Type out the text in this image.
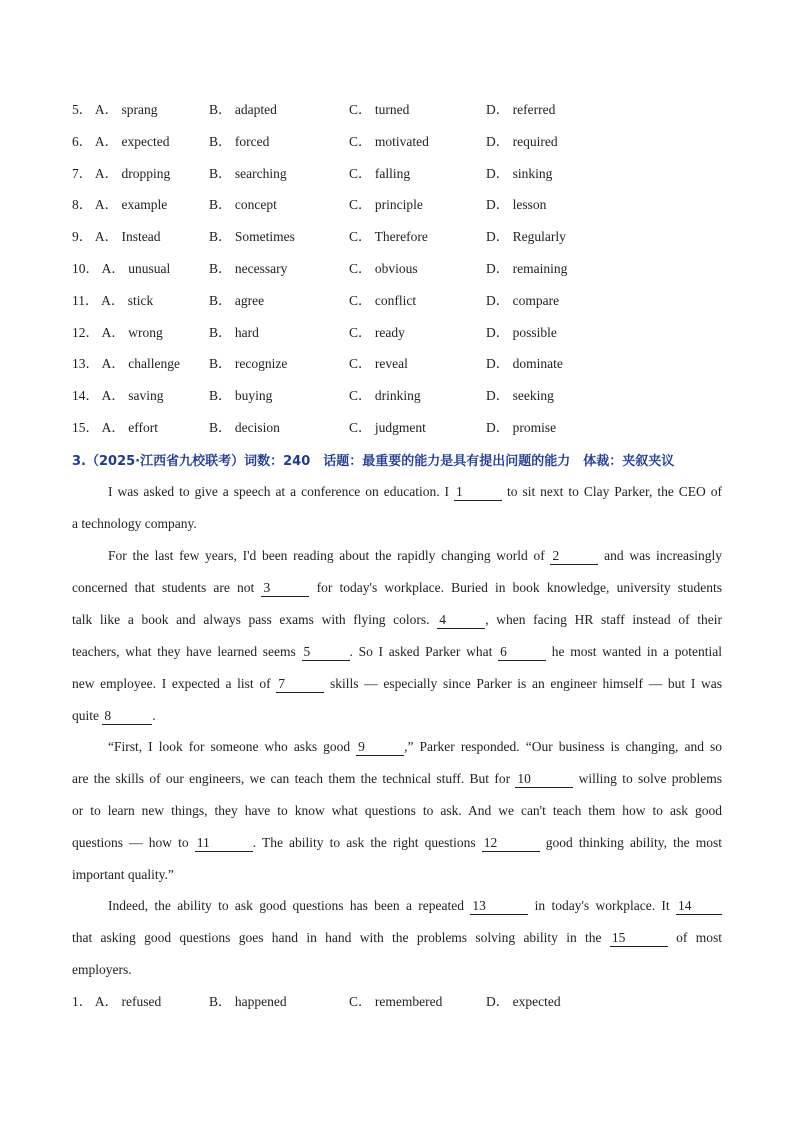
5． A． sprang	B． adapted	C． turned	D． referred
6． A． expected	B． forced	C． motivated	D． required
7． A． dropping	B． searching	C． falling	D． sinking
8． A． example	B． concept	C． principle	D． lesson
9． A． Instead	B． Sometimes	C． Therefore	D． Regularly
10． A． unusual	B． necessary	C． obvious	D． remaining
11． A． stick	B． agree	C． conflict	D． compare
12． A． wrong	B． hard	C． ready	D． possible
13． A． challenge B． recognize	C． reveal	D． dominate
14． A． saving	B． buying	C． drinking	D． seeking
15． A． effort	B． decision	C． judgment	D． promise
3.（2025·江西省九校联考）词数：240　话题：最重要的能力是具有提出问题的能力　体裁：夹叙夹议
I was asked to give a speech at a conference on education. I 1	to sit next to Clay Parker, the CEO of
a technology company.
For the last few years, I'd been reading about the rapidly changing world of 2	and was increasingly
concerned that students are not 3	for today's workplace. Buried in book knowledge, university students
talk like a book and always pass exams with flying colors. 4	, when facing HR staff instead of their
teachers, what they have learned seems 5	. So I asked Parker what 6	he most wanted in a potential
new employee. I expected a list of 7	skills — especially since Parker is an engineer himself — but I was
quite 8	.
“First, I look for someone who asks good 9	,” Parker responded. “Our business is changing, and so
are the skills of our engineers, we can teach them the technical stuff. But for 10	willing to solve problems
or to learn new things, they have to know what questions to ask. And we can't teach them how to ask good
questions — how to 11	. The ability to ask the right questions 12	good thinking ability, the most
important quality.”
Indeed, the ability to ask good questions has been a repeated 13	in today's workplace. It 14
that asking good questions goes hand in hand with the problems solving ability in the 15	of most
employers.
1． A． refused	B． happened	C． remembered	D． expected
